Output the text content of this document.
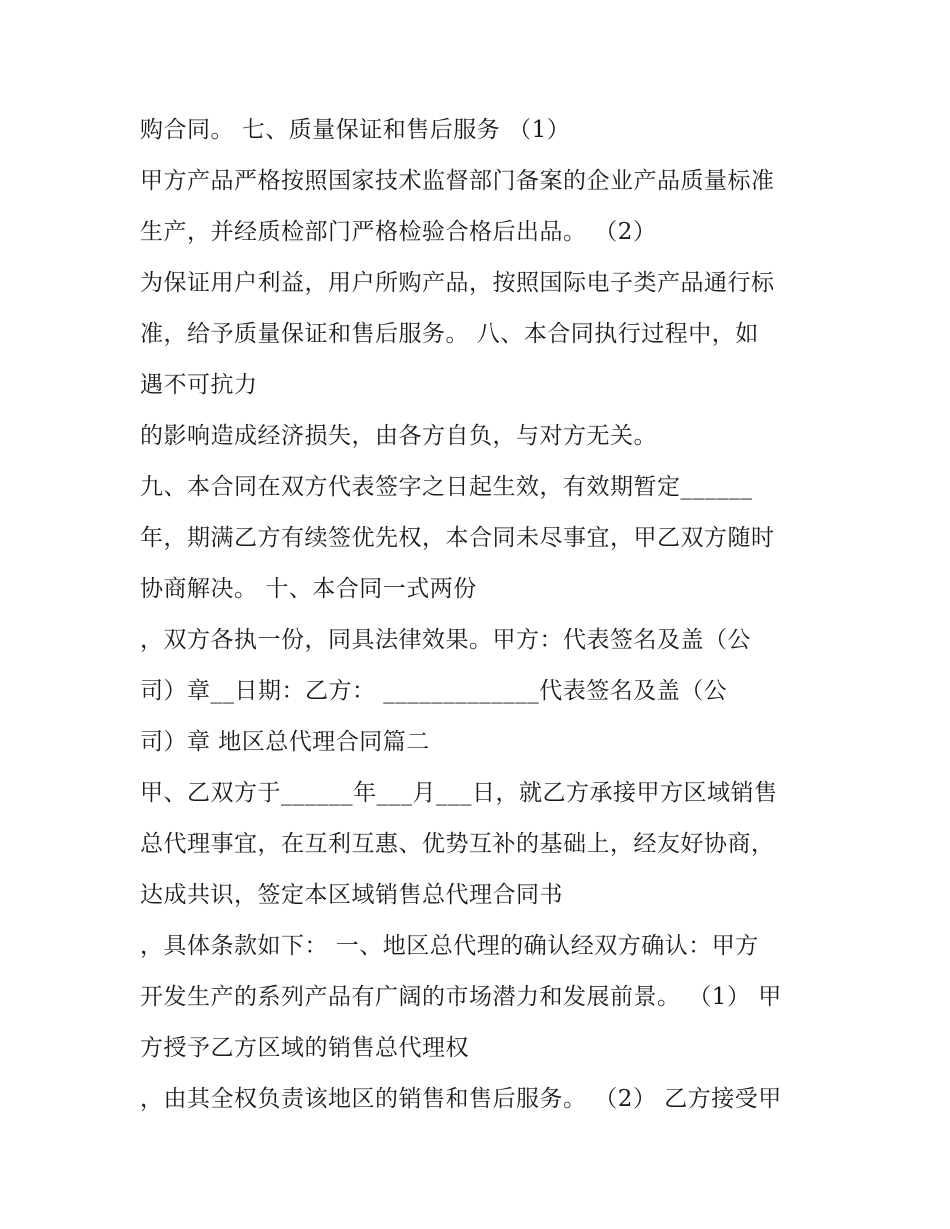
购合同。 七、质量保证和售后服务 （1）
甲方产品严格按照国家技术监督部门备案的企业产品质量标准
生产，并经质检部门严格检验合格后出品。 （2）
为保证用户利益，用户所购产品，按照国际电子类产品通行标
准，给予质量保证和售后服务。 八、本合同执行过程中，如
遇不可抗力
的影响造成经济损失，由各方自负，与对方无关。
九、本合同在双方代表签字之日起生效，有效期暂定______
年，期满乙方有续签优先权，本合同未尽事宜，甲乙双方随时
协商解决。 十、本合同一式两份
，双方各执一份，同具法律效果。甲方：代表签名及盖（公
司）章__日期：乙方： _____________代表签名及盖（公
司）章 地区总代理合同篇二
甲、乙双方于______年___月___日，就乙方承接甲方区域销售
总代理事宜，在互利互惠、优势互补的基础上，经友好协商，
达成共识，签定本区域销售总代理合同书
，具体条款如下： 一、地区总代理的确认经双方确认：甲方
开发生产的系列产品有广阔的市场潜力和发展前景。 （1） 甲
方授予乙方区域的销售总代理权
，由其全权负责该地区的销售和售后服务。 （2） 乙方接受甲
